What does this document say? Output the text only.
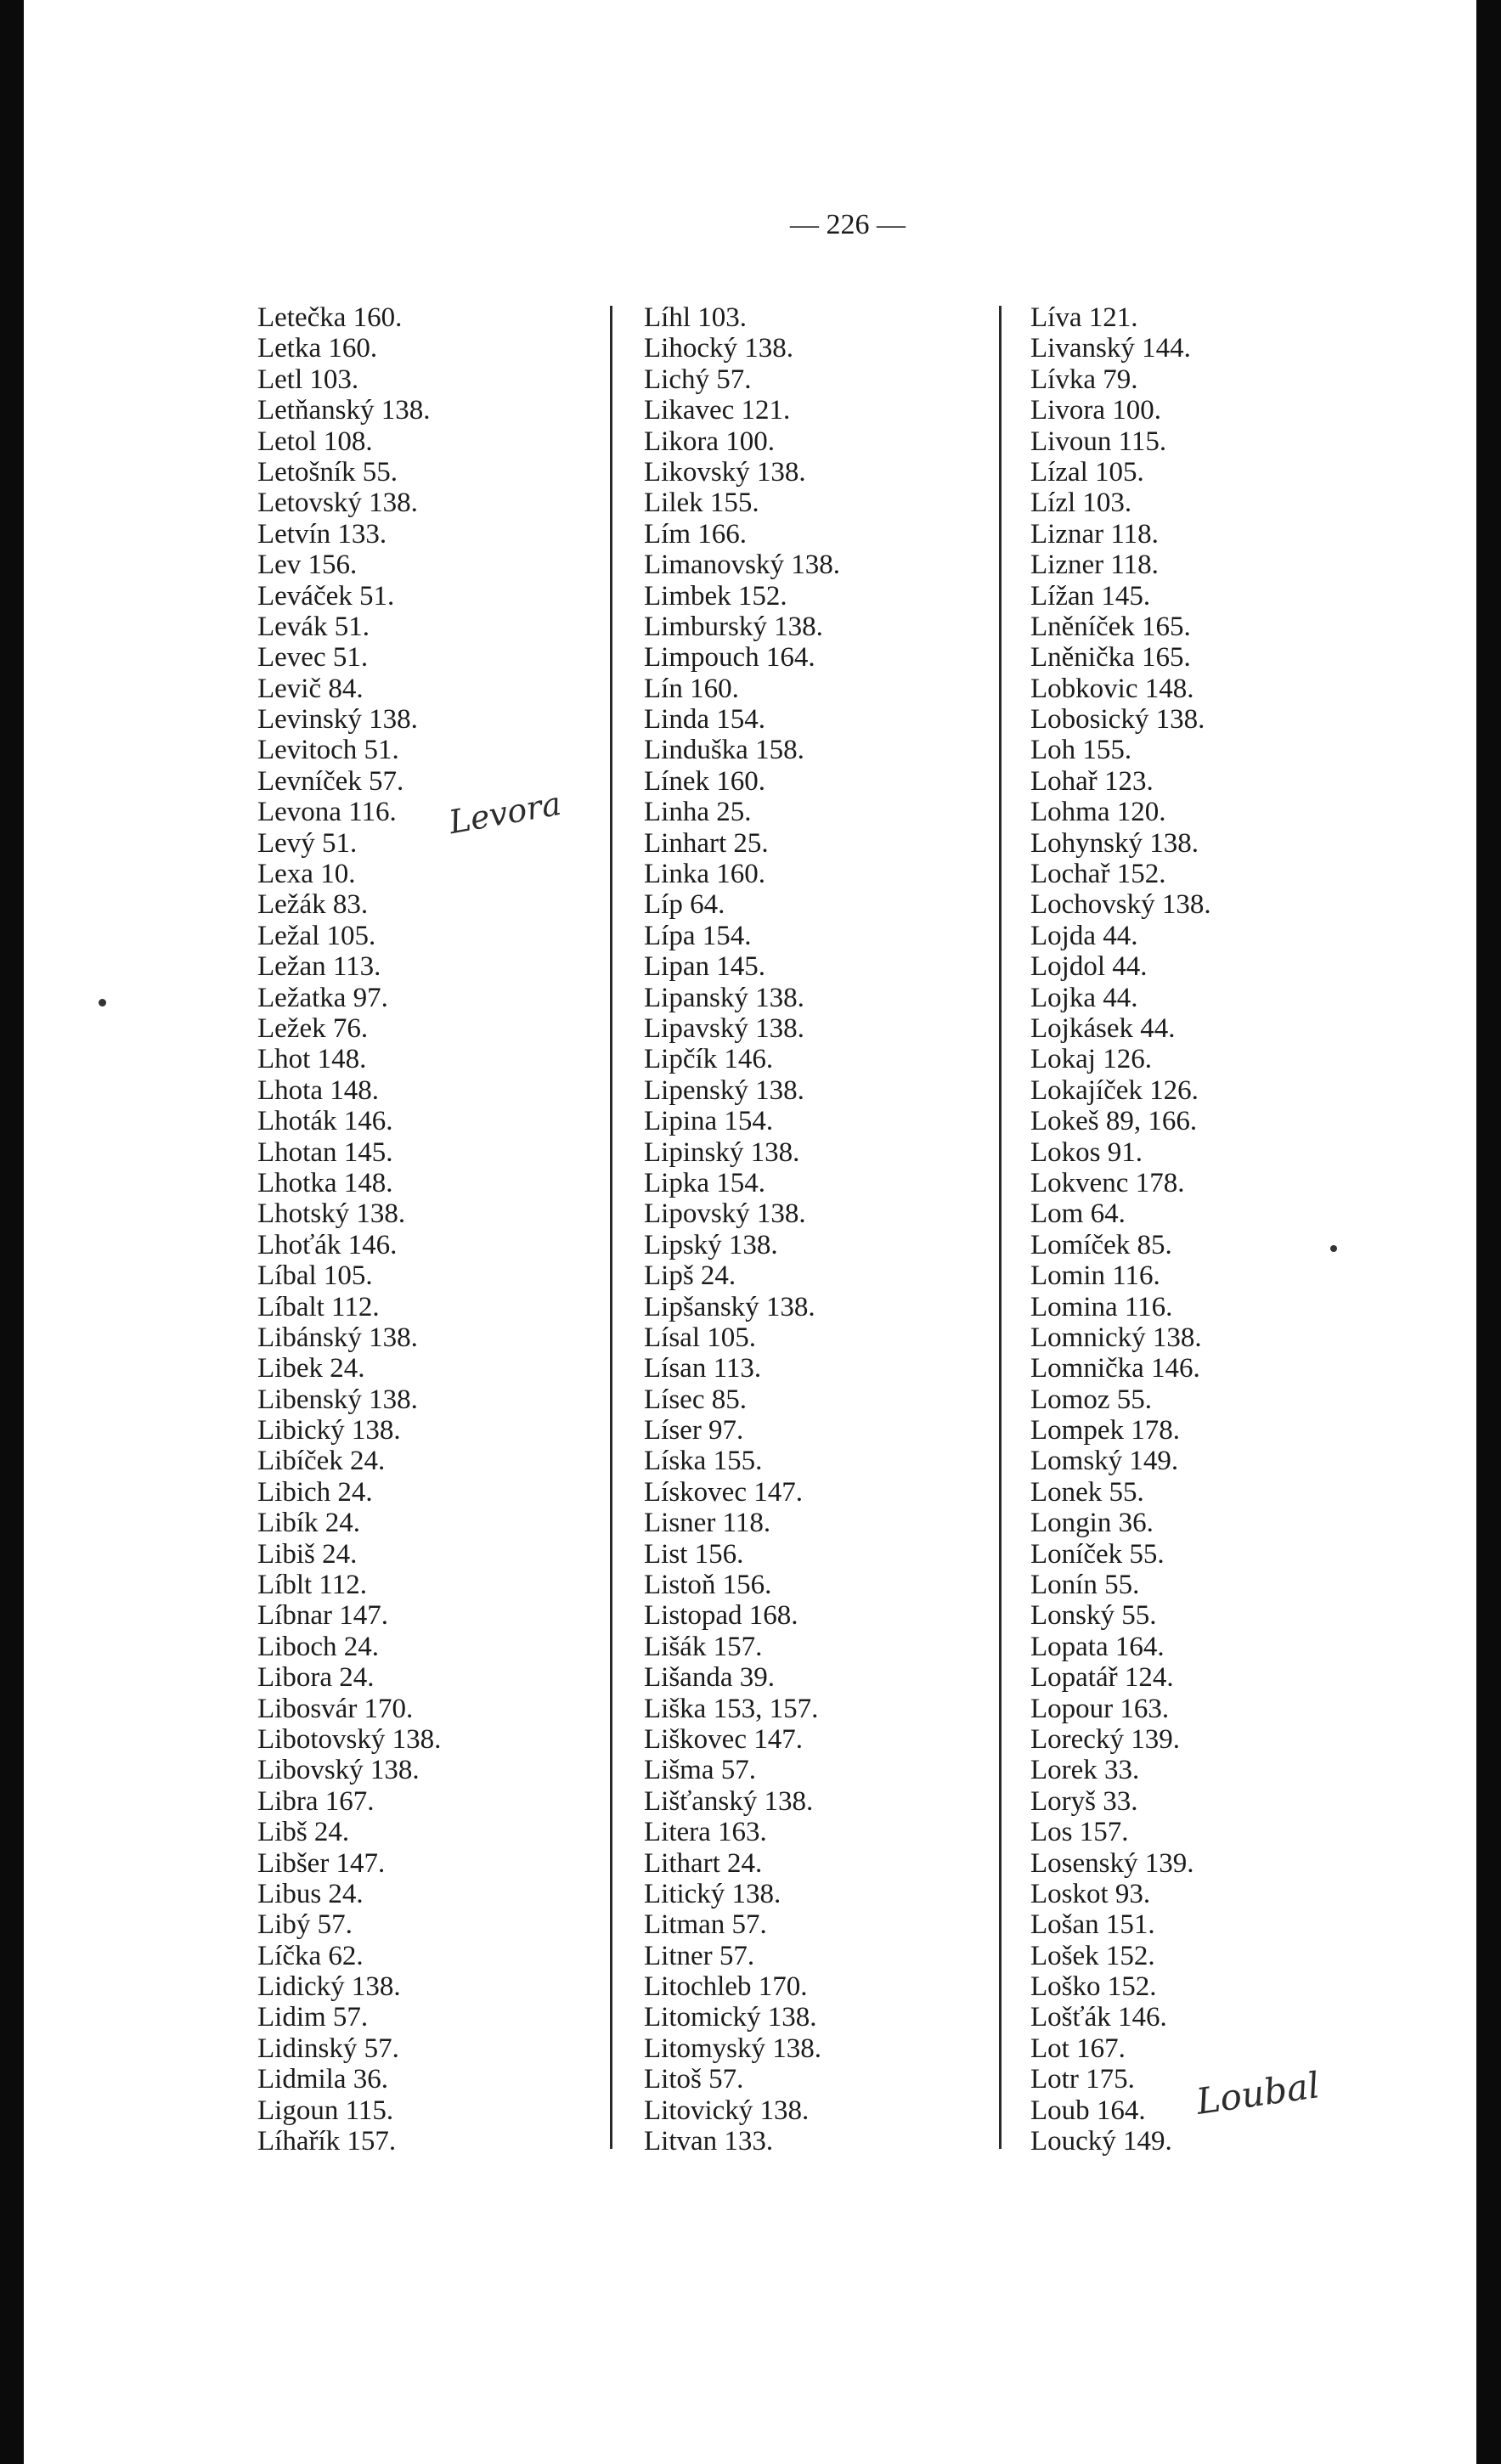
— 226 —
Letečka 160.
Letka 160.
Letl 103.
Letňanský 138.
Letol 108.
Letošník 55.
Letovský 138.
Letvín 133.
Lev 156.
Leváček 51.
Levák 51.
Levec 51.
Levič 84.
Levinský 138.
Levitoch 51.
Levníček 57.
Levona 116.
Levý 51.
Lexa 10.
Ležák 83.
Ležal 105.
Ležan 113.
Ležatka 97.
Ležek 76.
Lhot 148.
Lhota 148.
Lhoták 146.
Lhotan 145.
Lhotka 148.
Lhotský 138.
Lhoťák 146.
Líbal 105.
Líbalt 112.
Libánský 138.
Libek 24.
Libenský 138.
Libický 138.
Libíček 24.
Libich 24.
Libík 24.
Libiš 24.
Líblt 112.
Líbnar 147.
Liboch 24.
Libora 24.
Libosvár 170.
Libotovský 138.
Libovský 138.
Libra 167.
Libš 24.
Libšer 147.
Libus 24.
Libý 57.
Líčka 62.
Lidický 138.
Lidim 57.
Lidinský 57.
Lidmila 36.
Ligoun 115.
Líhařík 157.
Líhl 103.
Lihocký 138.
Lichý 57.
Likavec 121.
Likora 100.
Likovský 138.
Lilek 155.
Lím 166.
Limanovský 138.
Limbek 152.
Limburský 138.
Limpouch 164.
Lín 160.
Linda 154.
Linduška 158.
Línek 160.
Linha 25.
Linhart 25.
Linka 160.
Líp 64.
Lípa 154.
Lipan 145.
Lipanský 138.
Lipavský 138.
Lipčík 146.
Lipenský 138.
Lipina 154.
Lipinský 138.
Lipka 154.
Lipovský 138.
Lipský 138.
Lipš 24.
Lipšanský 138.
Lísal 105.
Lísan 113.
Lísec 85.
Líser 97.
Líska 155.
Lískovec 147.
Lisner 118.
List 156.
Listoň 156.
Listopad 168.
Lišák 157.
Lišanda 39.
Liška 153, 157.
Liškovec 147.
Lišma 57.
Lišťanský 138.
Litera 163.
Lithart 24.
Litický 138.
Litman 57.
Litner 57.
Litochleb 170.
Litomický 138.
Litomyský 138.
Litoš 57.
Litovický 138.
Litvan 133.
Líva 121.
Livanský 144.
Lívka 79.
Livora 100.
Livoun 115.
Lízal 105.
Lízl 103.
Liznar 118.
Lizner 118.
Lížan 145.
Lněníček 165.
Lněnička 165.
Lobkovic 148.
Lobosický 138.
Loh 155.
Lohař 123.
Lohma 120.
Lohynský 138.
Lochař 152.
Lochovský 138.
Lojda 44.
Lojdol 44.
Lojka 44.
Lojkásek 44.
Lokaj 126.
Lokajíček 126.
Lokeš 89, 166.
Lokos 91.
Lokvenc 178.
Lom 64.
Lomíček 85.
Lomin 116.
Lomina 116.
Lomnický 138.
Lomnička 146.
Lomoz 55.
Lompek 178.
Lomský 149.
Lonek 55.
Longin 36.
Loníček 55.
Lonín 55.
Lonský 55.
Lopata 164.
Lopatář 124.
Lopour 163.
Lorecký 139.
Lorek 33.
Loryš 33.
Los 157.
Losenský 139.
Loskot 93.
Lošan 151.
Lošek 152.
Loško 152.
Lošťák 146.
Lot 167.
Lotr 175.
Loub 164.
Loucký 149.
Levora
Loubal
